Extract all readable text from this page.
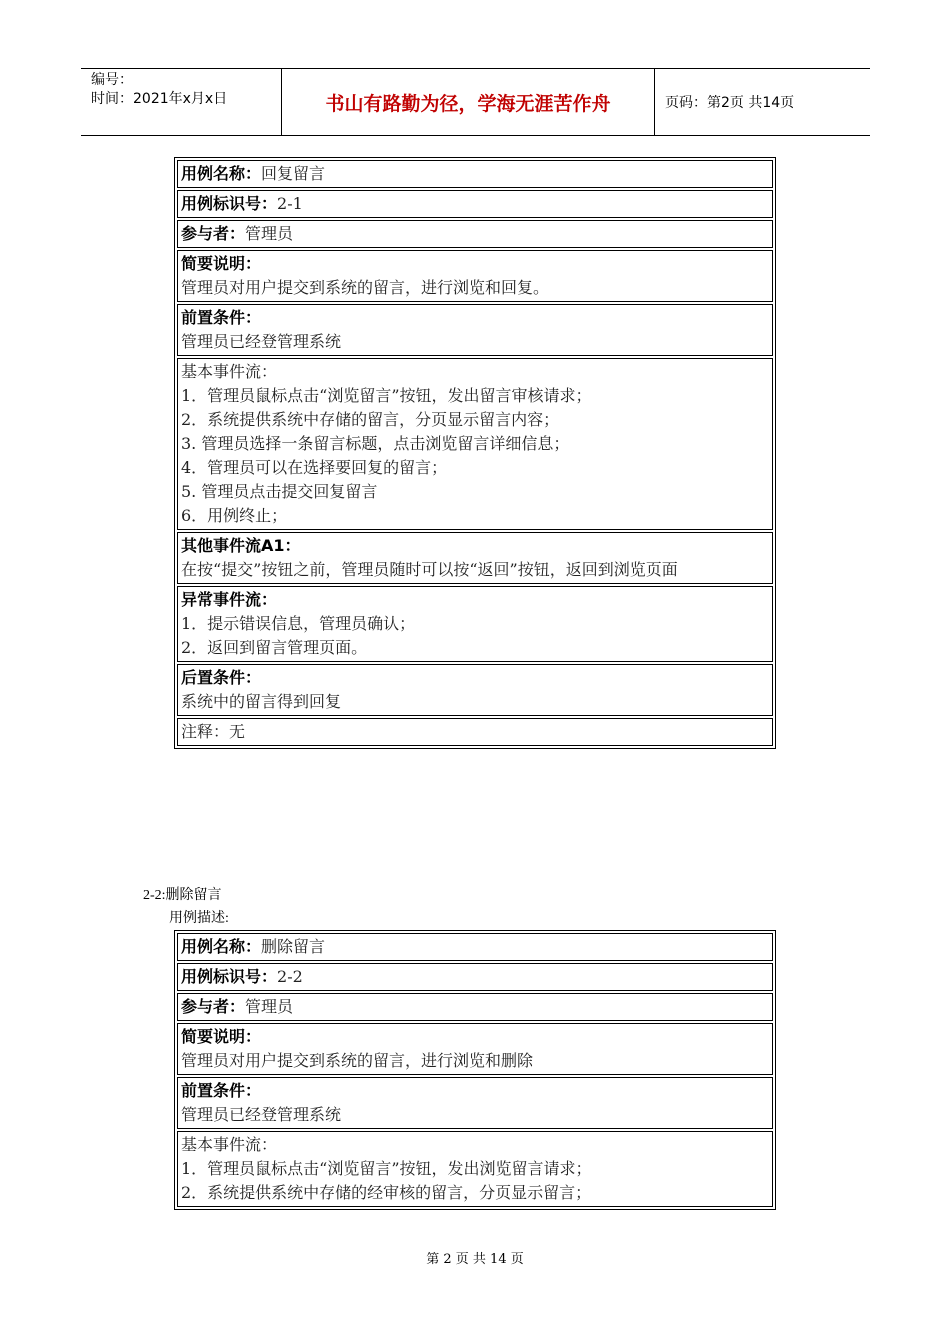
编号：
时间：2021年x月x日	书山有路勤为径，学海无涯苦作舟	页码：第2页 共14页
用例名称：回复留言
用例标识号：2-1
参与者：管理员
简要说明：
管理员对用户提交到系统的留言，进行浏览和回复。
前置条件：
管理员已经登管理系统
基本事件流：
1．管理员鼠标点击“浏览留言”按钮，发出留言审核请求；
2．系统提供系统中存储的留言，分页显示留言内容；
3. 管理员选择一条留言标题，点击浏览留言详细信息；
4．管理员可以在选择要回复的留言；
5. 管理员点击提交回复留言
6．用例终止；
其他事件流A1：
在按“提交”按钮之前，管理员随时可以按“返回”按钮，返回到浏览页面
异常事件流：
1．提示错误信息，管理员确认；
2．返回到留言管理页面。
后置条件：
系统中的留言得到回复
注释：无
2-2:删除留言
用例描述:
用例名称：删除留言
用例标识号：2-2
参与者：管理员
简要说明：
管理员对用户提交到系统的留言，进行浏览和删除
前置条件：
管理员已经登管理系统
基本事件流：
1．管理员鼠标点击“浏览留言”按钮，发出浏览留言请求；
2．系统提供系统中存储的经审核的留言，分页显示留言；
第 2 页 共 14 页
